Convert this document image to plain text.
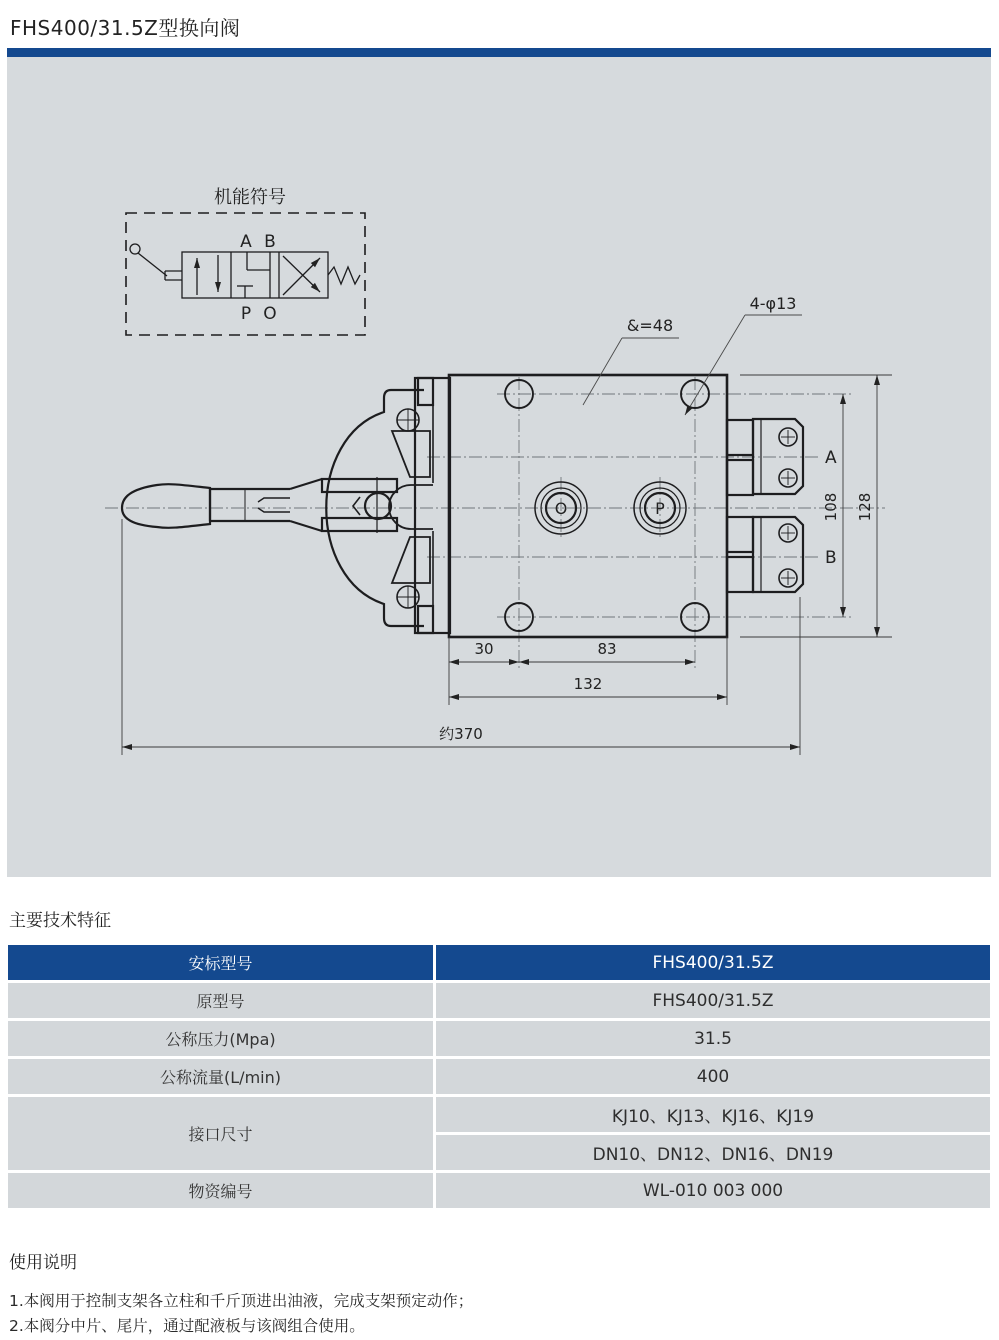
FHS400/31.5Z型换向阀
机能符号
A B
P O
O	P
A
B
&=48
4-φ13
108 128
30	83
132
约370
主要技术特征
安标型号	FHS400/31.5Z
原型号	FHS400/31.5Z
公称压力(Mpa)	31.5
公称流量(L/min)	400
接口尺寸	KJ10、KJ13、KJ16、KJ19
	DN10、DN12、DN16、DN19
物资编号	WL-010 003 000
使用说明
1.本阀用于控制支架各立柱和千斤顶进出油液，完成支架预定动作；
2.本阀分中片、尾片，通过配液板与该阀组合使用。
